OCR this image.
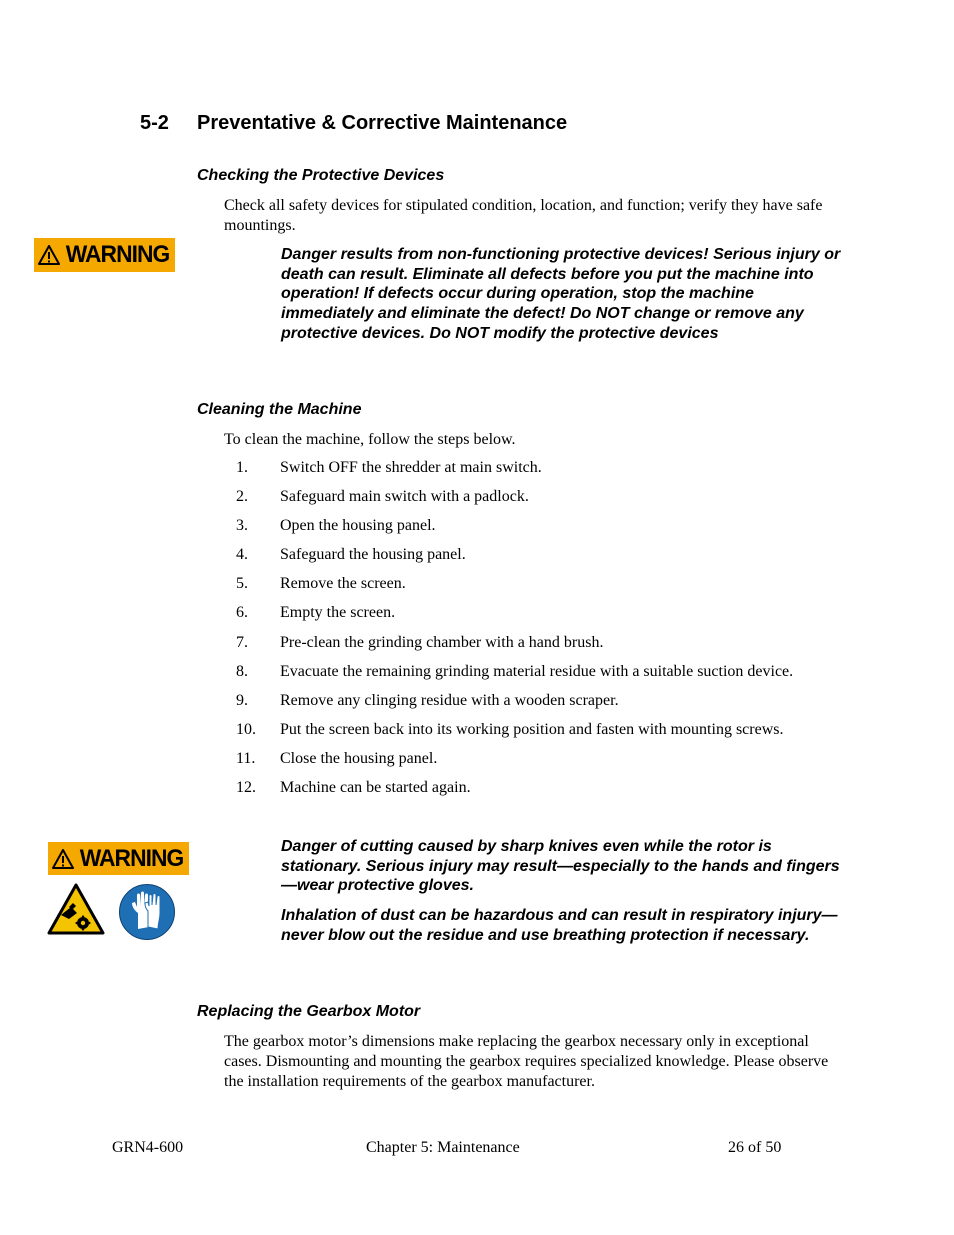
5-2 Preventative & Corrective Maintenance
Checking the Protective Devices
Check all safety devices for stipulated condition, location, and function; verify they have safe mountings.
WARNING	Danger results from non-functioning protective devices! Serious injury or death can result. Eliminate all defects before you put the machine into operation! If defects occur during operation, stop the machine immediately and eliminate the defect! Do NOT change or remove any protective devices. Do NOT modify the protective devices
Cleaning the Machine
To clean the machine, follow the steps below.
1. Switch OFF the shredder at main switch.
2. Safeguard main switch with a padlock.
3. Open the housing panel.
4. Safeguard the housing panel.
5. Remove the screen.
6. Empty the screen.
7. Pre-clean the grinding chamber with a hand brush.
8. Evacuate the remaining grinding material residue with a suitable suction device.
9. Remove any clinging residue with a wooden scraper.
10. Put the screen back into its working position and fasten with mounting screws.
11. Close the housing panel.
12. Machine can be started again.
WARNING	Danger of cutting caused by sharp knives even while the rotor is stationary. Serious injury may result—especially to the hands and fingers—wear protective gloves.
Inhalation of dust can be hazardous and can result in respiratory injury—never blow out the residue and use breathing protection if necessary.
Replacing the Gearbox Motor
The gearbox motor’s dimensions make replacing the gearbox necessary only in exceptional cases. Dismounting and mounting the gearbox requires specialized knowledge. Please observe the installation requirements of the gearbox manufacturer.
GRN4-600	Chapter 5: Maintenance	26 of 50
